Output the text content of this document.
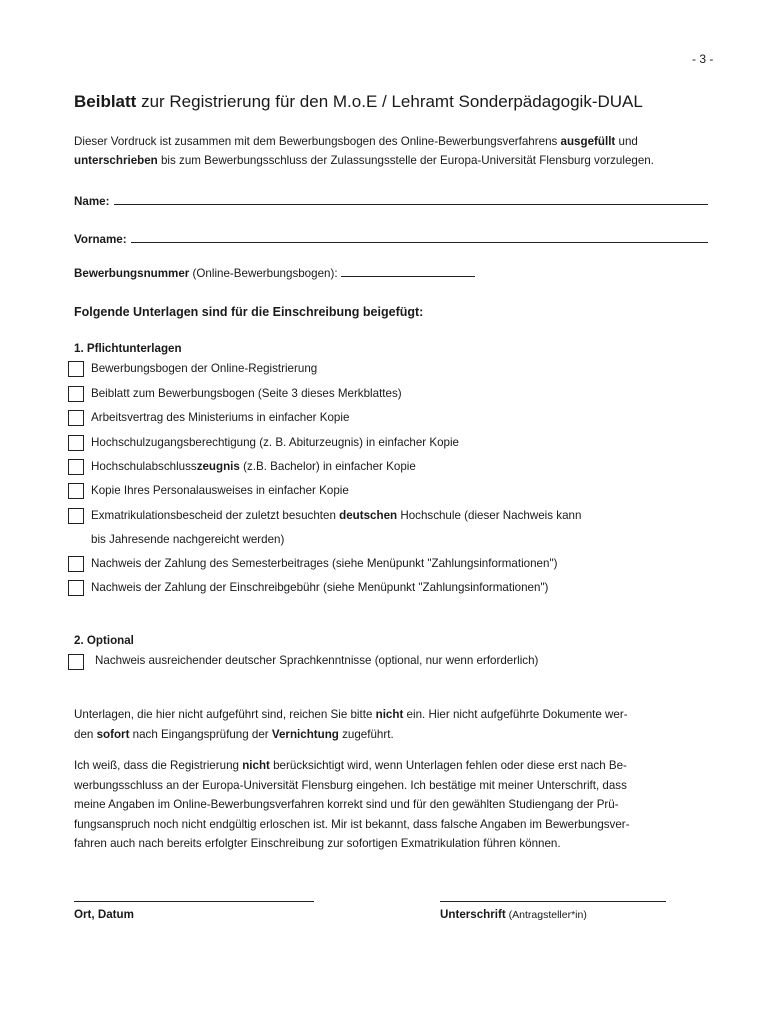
- 3 -
Beiblatt zur Registrierung für den M.o.E / Lehramt Sonderpädagogik-DUAL
Dieser Vordruck ist zusammen mit dem Bewerbungsbogen des Online-Bewerbungsverfahrens ausgefüllt und
unterschrieben bis zum Bewerbungsschluss der Zulassungsstelle der Europa-Universität Flensburg vorzulegen.
Name:
Vorname:
Bewerbungsnummer (Online-Bewerbungsbogen):
Folgende Unterlagen sind für die Einschreibung beigefügt:
1. Pflichtunterlagen
Bewerbungsbogen der Online-Registrierung
Beiblatt zum Bewerbungsbogen (Seite 3 dieses Merkblattes)
Arbeitsvertrag des Ministeriums in einfacher Kopie
Hochschulzugangsberechtigung (z. B. Abiturzeugnis) in einfacher Kopie
Hochschulabschlusszeugnis (z.B. Bachelor) in einfacher Kopie
Kopie Ihres Personalausweises in einfacher Kopie
Exmatrikulationsbescheid der zuletzt besuchten deutschen Hochschule (dieser Nachweis kann
bis Jahresende nachgereicht werden)
Nachweis der Zahlung des Semesterbeitrages (siehe Menüpunkt "Zahlungsinformationen")
Nachweis der Zahlung der Einschreibgebühr (siehe Menüpunkt "Zahlungsinformationen")
2. Optional
Nachweis ausreichender deutscher Sprachkenntnisse (optional, nur wenn erforderlich)
Unterlagen, die hier nicht aufgeführt sind, reichen Sie bitte nicht ein. Hier nicht aufgeführte Dokumente wer-
den sofort nach Eingangsprüfung der Vernichtung zugeführt.
Ich weiß, dass die Registrierung nicht berücksichtigt wird, wenn Unterlagen fehlen oder diese erst nach Be-
werbungsschluss an der Europa-Universität Flensburg eingehen. Ich bestätige mit meiner Unterschrift, dass
meine Angaben im Online-Bewerbungsverfahren korrekt sind und für den gewählten Studiengang der Prü-
fungsanspruch noch nicht endgültig erloschen ist. Mir ist bekannt, dass falsche Angaben im Bewerbungsver-
fahren auch nach bereits erfolgter Einschreibung zur sofortigen Exmatrikulation führen können.
Ort, Datum	Unterschrift (Antragsteller*in)
